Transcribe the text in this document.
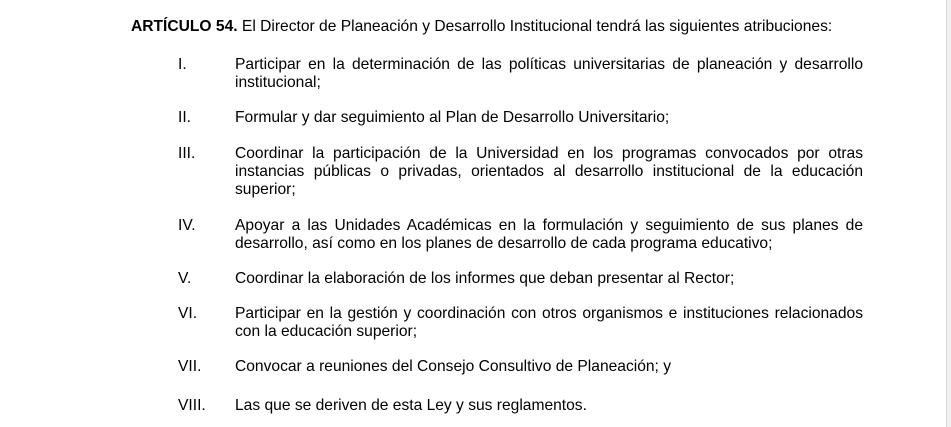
ARTÍCULO 54. El Director de Planeación y Desarrollo Institucional tendrá las siguientes atribuciones:
I.	Participar en la determinación de las políticas universitarias de planeación y desarrollo institucional;
II.	Formular y dar seguimiento al Plan de Desarrollo Universitario;
III.	Coordinar la participación de la Universidad en los programas convocados por otras instancias públicas o privadas, orientados al desarrollo institucional de la educación superior;
IV.	Apoyar a las Unidades Académicas en la formulación y seguimiento de sus planes de desarrollo, así como en los planes de desarrollo de cada programa educativo;
V.	Coordinar la elaboración de los informes que deban presentar al Rector;
VI.	Participar en la gestión y coordinación con otros organismos e instituciones relacionados con la educación superior;
VII.	Convocar a reuniones del Consejo Consultivo de Planeación; y
VIII.	Las que se deriven de esta Ley y sus reglamentos.
